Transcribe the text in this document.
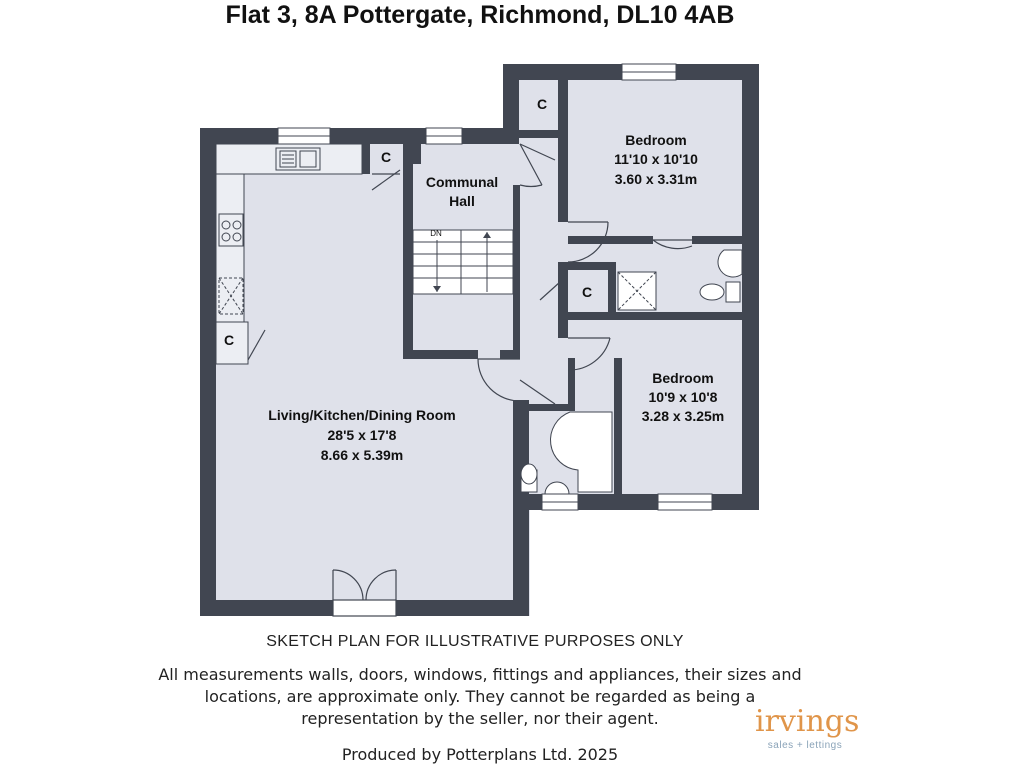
Flat 3, 8A Pottergate, Richmond, DL10 4AB
Bedroom
11'10 x 10'10
3.60 x 3.31m
Communal
Hall
Bedroom
10'9 x 10'8
3.28 x 3.25m
Living/Kitchen/Dining Room
28'5 x 17'8
8.66 x 5.39m
DN
C
C
C
C
SKETCH PLAN FOR ILLUSTRATIVE PURPOSES ONLY
All measurements walls, doors, windows, fittings and appliances, their sizes and locations, are approximate only. They cannot be regarded as being a representation by the seller, nor their agent.
Produced by Potterplans Ltd. 2025
irvings
sales + lettings
